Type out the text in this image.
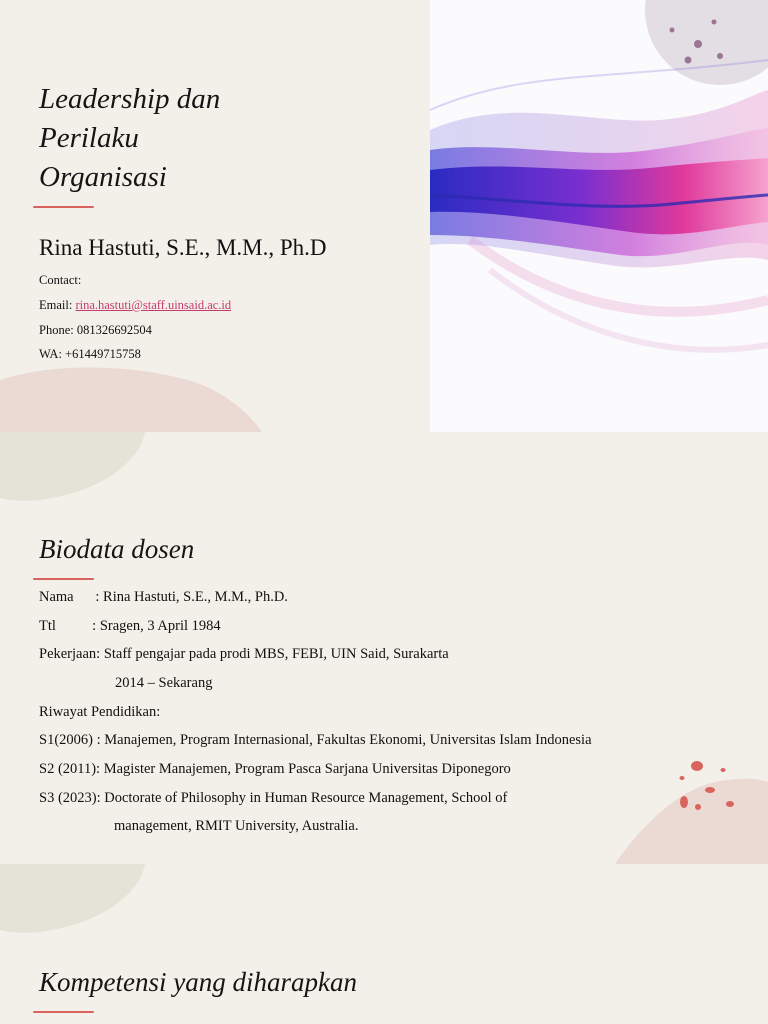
Leadership dan
Perilaku
Organisasi

Rina Hastuti, S.E., M.M., Ph.D

Contact:
Email: rina.hastuti@staff.uinsaid.ac.id
Phone: 081326692504
WA: +61449715758
Biodata dosen
Nama      : Rina Hastuti, S.E., M.M., Ph.D.
Ttl          : Sragen, 3 April 1984
Pekerjaan: Staff pengajar pada prodi MBS, FEBI, UIN Said, Surakarta
2014 – Sekarang
Riwayat Pendidikan:
S1(2006) : Manajemen, Program Internasional, Fakultas Ekonomi, Universitas Islam Indonesia
S2 (2011): Magister Manajemen, Program Pasca Sarjana Universitas Diponegoro
S3 (2023): Doctorate of Philosophy in Human Resource Management, School of
management, RMIT University, Australia.
Kompetensi yang diharapkan
